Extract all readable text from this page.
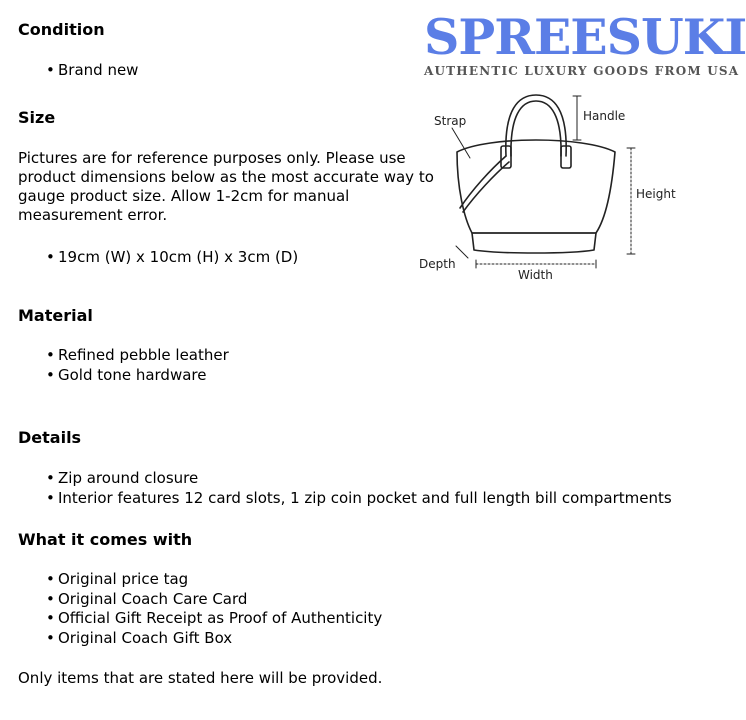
SPREESUKI
AUTHENTIC LUXURY GOODS FROM USA
Strap	Handle
Height
Depth
Width
Condition
• Brand new
Size

Pictures are for reference purposes only. Please use

product dimensions below as the most accurate way to

gauge product size. Allow 1-2cm for manual

measurement error.

• 19cm (W) x 10cm (H) x 3cm (D)
Material
• Refined pebble leather
• Gold tone hardware
Details
• Zip around closure
• Interior features 12 card slots, 1 zip coin pocket and full length bill compartments
What it comes with
• Original price tag
• Original Coach Care Card
• Official Gift Receipt as Proof of Authenticity
• Original Coach Gift Box

Only items that are stated here will be provided.
